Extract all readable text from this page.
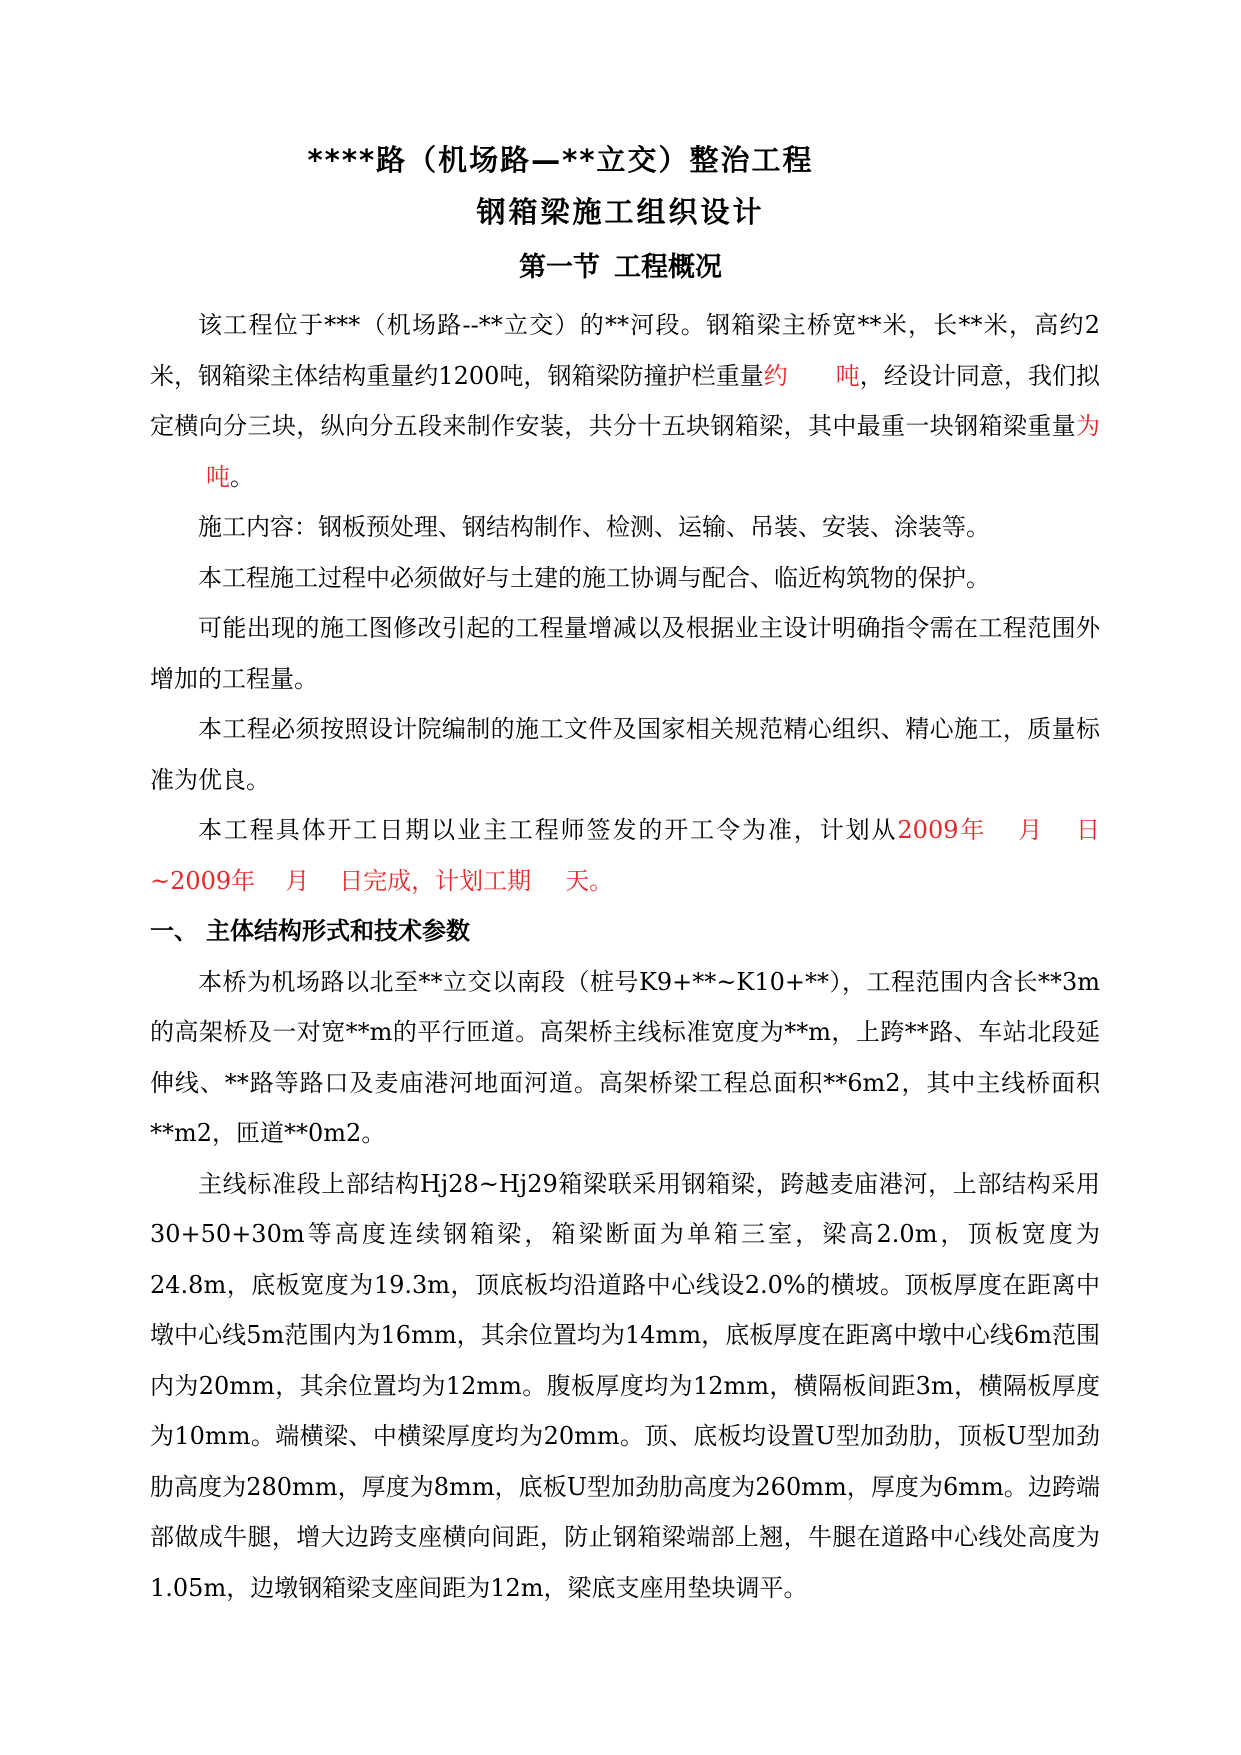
****路（机场路—**立交）整治工程
钢箱梁施工组织设计
第一节 工程概况

该工程位于***（机场路--**立交）的**河段。钢箱梁主桥宽**米，长**米，高约2米，钢箱梁主体结构重量约1200吨，钢箱梁防撞护栏重量约 吨，经设计同意，我们拟定横向分三块，纵向分五段来制作安装，共分十五块钢箱梁，其中最重一块钢箱梁重量为吨。

施工内容：钢板预处理、钢结构制作、检测、运输、吊装、安装、涂装等。

本工程施工过程中必须做好与土建的施工协调与配合、临近构筑物的保护。

可能出现的施工图修改引起的工程量增减以及根据业主设计明确指令需在工程范围外增加的工程量。

本工程必须按照设计院编制的施工文件及国家相关规范精心组织、精心施工，质量标准为优良。

本工程具体开工日期以业主工程师签发的开工令为准，计划从2009年 月 日~2009年 月 日完成，计划工期 天。

一、 主体结构形式和技术参数

本桥为机场路以北至**立交以南段（桩号K9+**~K10+**），工程范围内含长**3m的高架桥及一对宽**m的平行匝道。高架桥主线标准宽度为**m，上跨**路、车站北段延伸线、**路等路口及麦庙港河地面河道。高架桥梁工程总面积**6m2，其中主线桥面积**m2，匝道**0m2。

主线标准段上部结构Hj28~Hj29箱梁联采用钢箱梁，跨越麦庙港河，上部结构采用30+50+30m等高度连续钢箱梁，箱梁断面为单箱三室，梁高2.0m，顶板宽度为24.8m，底板宽度为19.3m，顶底板均沿道路中心线设2.0%的横坡。顶板厚度在距离中墩中心线5m范围内为16mm，其余位置均为14mm，底板厚度在距离中墩中心线6m范围内为20mm，其余位置均为12mm。腹板厚度均为12mm，横隔板间距3m，横隔板厚度为10mm。端横梁、中横梁厚度均为20mm。顶、底板均设置U型加劲肋，顶板U型加劲肋高度为280mm，厚度为8mm，底板U型加劲肋高度为260mm，厚度为6mm。边跨端部做成牛腿，增大边跨支座横向间距，防止钢箱梁端部上翘，牛腿在道路中心线处高度为1.05m，边墩钢箱梁支座间距为12m，梁底支座用垫块调平。
